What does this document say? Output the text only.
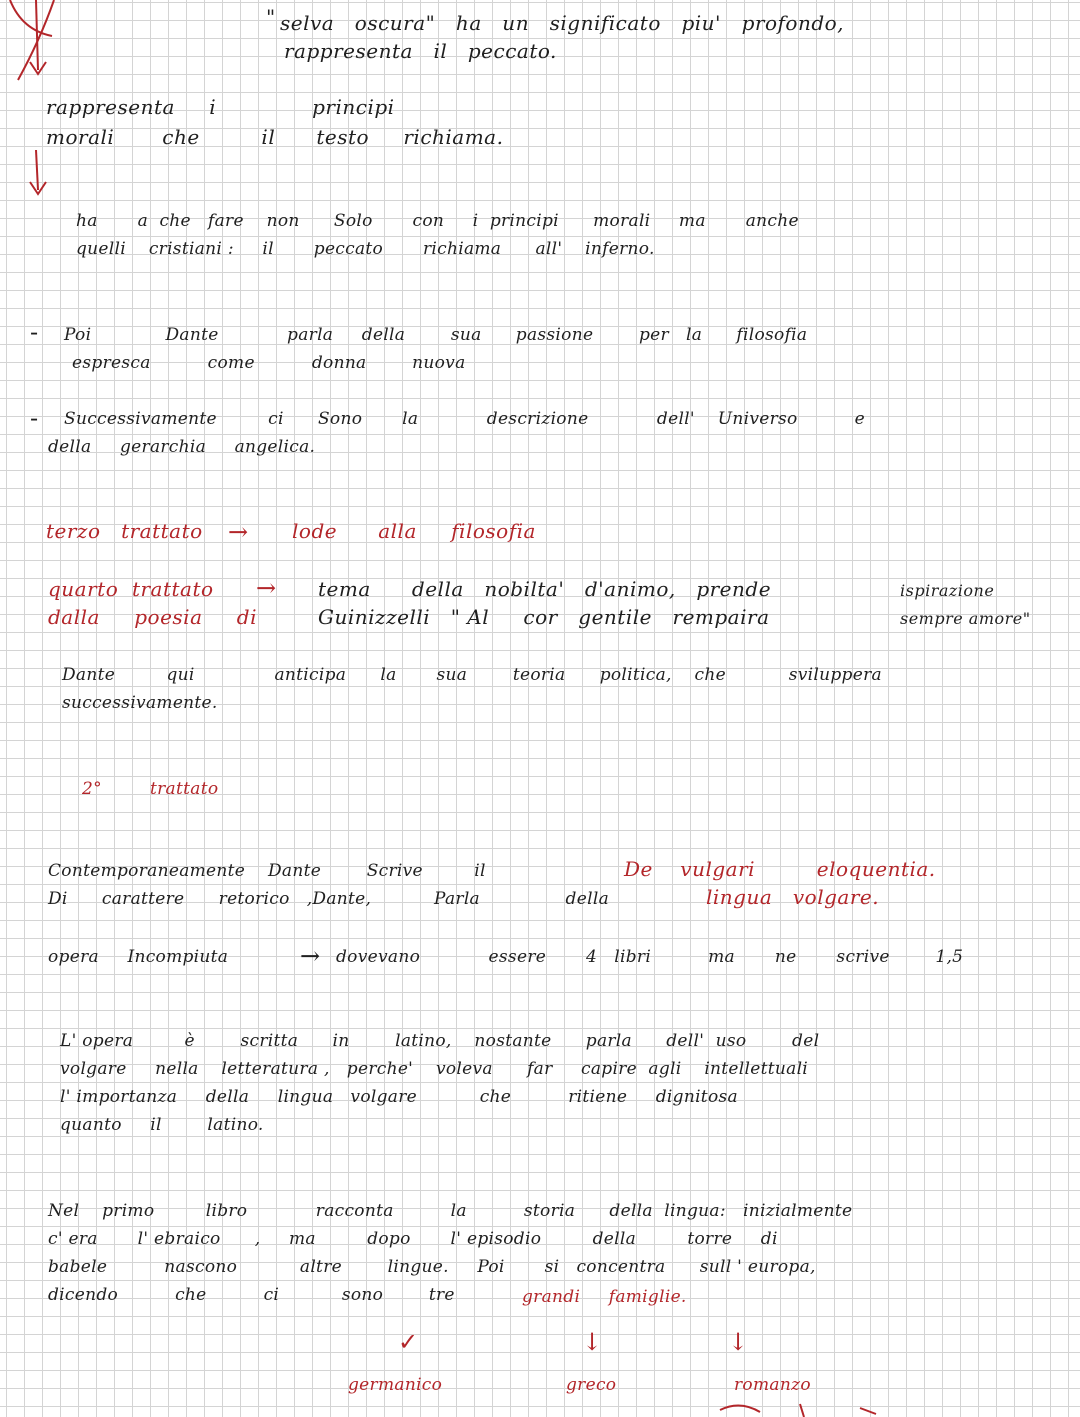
" selva   oscura"   ha   un   significato   piu'   profondo,

rappresenta   il   peccato.

rappresenta     i              principi

morali       che         il      testo     richiama.

ha       a  che   fare    non      Solo       con     i  principi      morali     ma       anche

quelli    cristiani :     il       peccato       richiama      all'    inferno.

- Poi             Dante            parla     della        sua      passione        per   la      filosofia

espresca          come          donna        nuova

- Successivamente         ci      Sono       la            descrizione            dell'    Universo          e

della     gerarchia     angelica.

terzo   trattato → lode      alla     filosofia

quarto  trattato → tema      della   nobilta'   d'animo,   prende	ispirazione

dalla     poesia     di	Guinizzelli   " Al     cor   gentile   rempaira	sempre amore"

Dante         qui              anticipa      la       sua        teoria      politica,    che           sviluppera

successivamente.

2°	trattato

Contemporaneamente    Dante        Scrive         il	De    vulgari         eloquentia.

Di      carattere      retorico   ,Dante,           Parla               della	lingua   volgare.

opera     Incompiuta	→ dovevano            essere       4   libri          ma       ne       scrive        1,5

L' opera         è        scritta      in        latino,    nostante      parla      dell'  uso        del

volgare     nella    letteratura ,   perche'    voleva      far     capire  agli    intellettuali

l' importanza     della     lingua   volgare           che          ritiene     dignitosa

quanto     il        latino.

Nel    primo         libro            racconta          la          storia      della  lingua:   inizialmente

c' era       l' ebraico      ,     ma         dopo       l' episodio         della         torre     di

babele          nascono           altre        lingue.     Poi       si   concentra      sull ' europa,

dicendo          che          ci           sono        tre	grandi     famiglie.

✓	↓	↓

germanico	greco	romanzo
